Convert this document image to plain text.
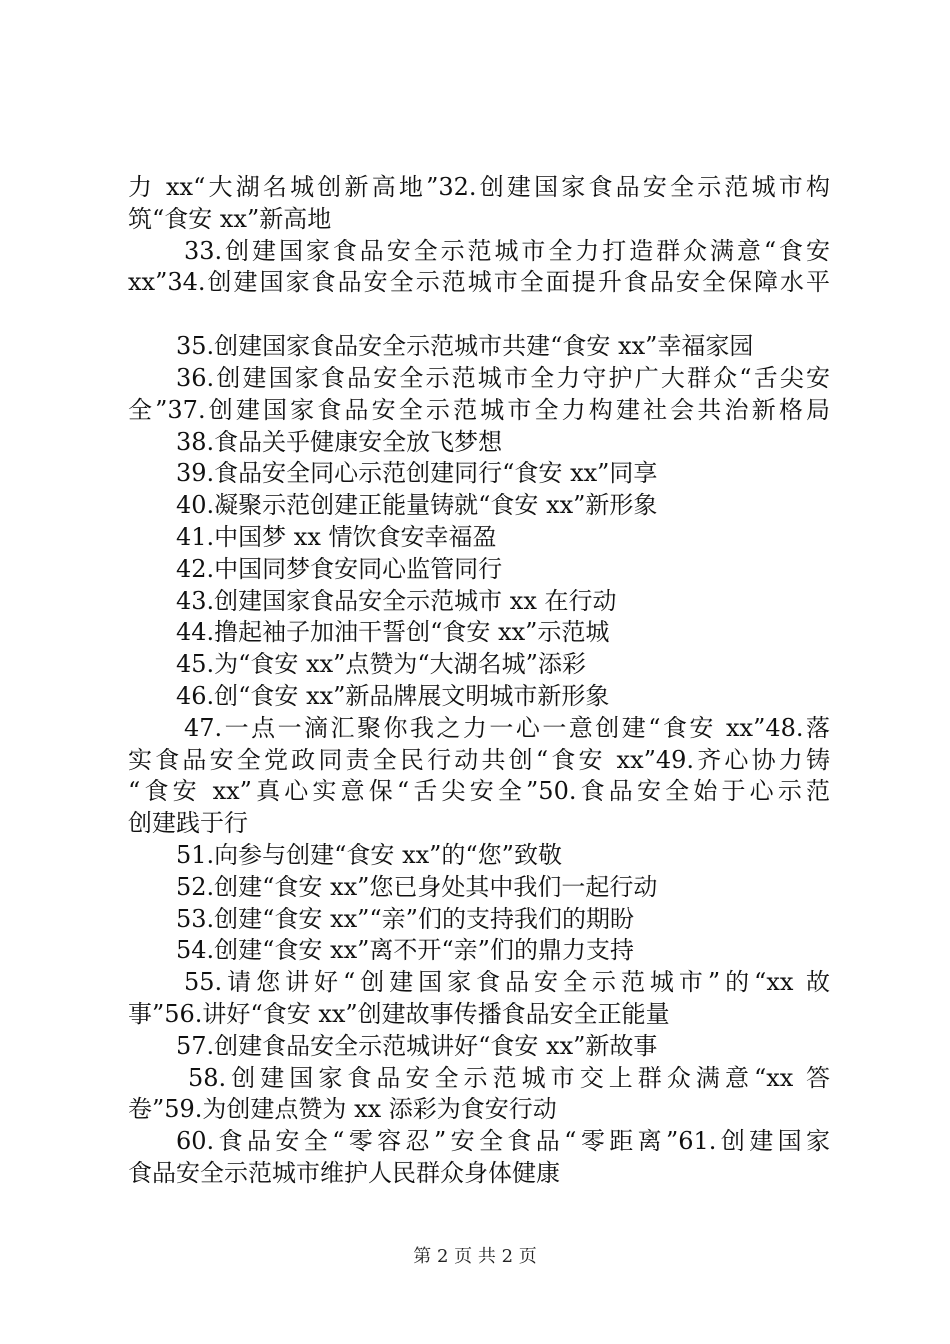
力 xx“大湖名城创新高地”32.创建国家食品安全示范城市构
筑“食安 xx”新高地
33.创建国家食品安全示范城市全力打造群众满意“食安
xx”34.创建国家食品安全示范城市全面提升食品安全保障水平
35.创建国家食品安全示范城市共建“食安 xx”幸福家园
36.创建国家食品安全示范城市全力守护广大群众“舌尖安
全”37.创建国家食品安全示范城市全力构建社会共治新格局
38.食品关乎健康安全放飞梦想
39.食品安全同心示范创建同行“食安 xx”同享
40.凝聚示范创建正能量铸就“食安 xx”新形象
41.中国梦 xx 情饮食安幸福盈
42.中国同梦食安同心监管同行
43.创建国家食品安全示范城市 xx 在行动
44.撸起袖子加油干誓创“食安 xx”示范城
45.为“食安 xx”点赞为“大湖名城”添彩
46.创“食安 xx”新品牌展文明城市新形象
47.一点一滴汇聚你我之力一心一意创建“食安 xx”48.落
实食品安全党政同责全民行动共创“食安 xx”49.齐心协力铸
“食安 xx”真心实意保“舌尖安全”50.食品安全始于心示范
创建践于行
51.向参与创建“食安 xx”的“您”致敬
52.创建“食安 xx”您已身处其中我们一起行动
53.创建“食安 xx”“亲”们的支持我们的期盼
54.创建“食安 xx”离不开“亲”们的鼎力支持
55.请您讲好“创建国家食品安全示范城市”的“xx 故
事”56.讲好“食安 xx”创建故事传播食品安全正能量
57.创建食品安全示范城讲好“食安 xx”新故事
58.创建国家食品安全示范城市交上群众满意“xx 答
卷”59.为创建点赞为 xx 添彩为食安行动
60.食品安全“零容忍”安全食品“零距离”61.创建国家
食品安全示范城市维护人民群众身体健康
第 2 页 共 2 页
